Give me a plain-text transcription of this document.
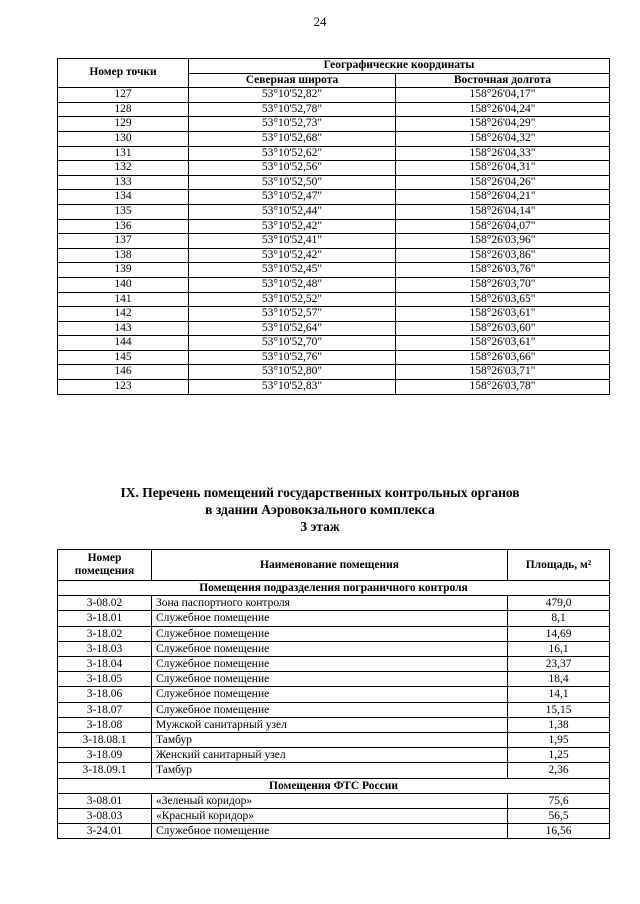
24
Номер точки	Географические координаты	
	Северная широта	Восточная долгота
127	53°10'52,82"	158°26'04,17"
128	53°10'52,78"	158°26'04,24"
129	53°10'52,73"	158°26'04,29"
130	53°10'52,68"	158°26'04,32"
131	53°10'52,62"	158°26'04,33"
132	53°10'52,56"	158°26'04,31"
133	53°10'52,50"	158°26'04,26"
134	53°10'52,47"	158°26'04,21"
135	53°10'52,44"	158°26'04,14"
136	53°10'52,42"	158°26'04,07"
137	53°10'52,41"	158°26'03,96"
138	53°10'52,42"	158°26'03,86"
139	53°10'52,45"	158°26'03,76"
140	53°10'52,48"	158°26'03,70"
141	53°10'52,52"	158°26'03,65"
142	53°10'52,57"	158°26'03,61"
143	53°10'52,64"	158°26'03,60"
144	53°10'52,70"	158°26'03,61"
145	53°10'52,76"	158°26'03,66"
146	53°10'52,80"	158°26'03,71"
123	53°10'52,83"	158°26'03,78"
IX. Перечень помещений государственных контрольных органов
в здании Аэровокзального комплекса
3 этаж
Номер помещения	Наименование помещения	Площадь, м²
Помещения подразделения пограничного контроля		
3-08.02	Зона паспортного контроля	479,0
3-18.01	Служебное помещение	8,1
3-18.02	Служебное помещение	14,69
3-18.03	Служебное помещение	16,1
3-18.04	Служебное помещение	23,37
3-18.05	Служебное помещение	18,4
3-18.06	Служебное помещение	14,1
3-18.07	Служебное помещение	15,15
3-18.08	Мужской санитарный узел	1,38
3-18.08.1	Тамбур	1,95
3-18.09	Женский санитарный узел	1,25
3-18.09.1	Тамбур	2,36
Помещения ФТС России		
3-08.01	«Зеленый коридор»	75,6
3-08.03	«Красный коридор»	56,5
3-24.01	Служебное помещение	16,56
